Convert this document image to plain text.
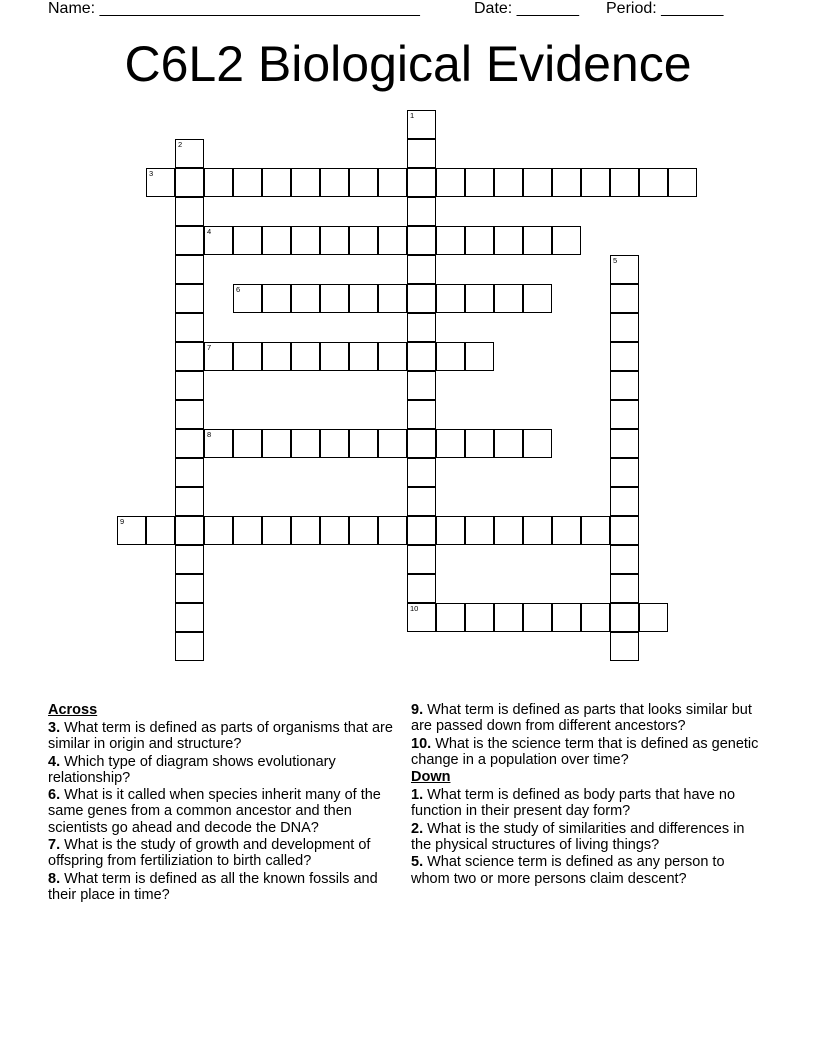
Name: ____________________________________	Date: _______ Period: _______
C6L2 Biological Evidence
1
10
2
3
4
5
6
7
8
9
Across
3. What term is defined as parts of organisms that are similar in origin and structure?
4. Which type of diagram shows evolutionary relationship?
6. What is it called when species inherit many of the same genes from a common ancestor and then scientists go ahead and decode the DNA?
7. What is the study of growth and development of offspring from fertiliziation to birth called?
8. What term is defined as all the known fossils and their place in time?
9. What term is defined as parts that looks similar but are passed down from different ancestors?
10. What is the science term that is defined as genetic change in a population over time?
Down
1. What term is defined as body parts that have no function in their present day form?
2. What is the study of similarities and differences in the physical structures of living things?
5. What science term is defined as any person to whom two or more persons claim descent?
